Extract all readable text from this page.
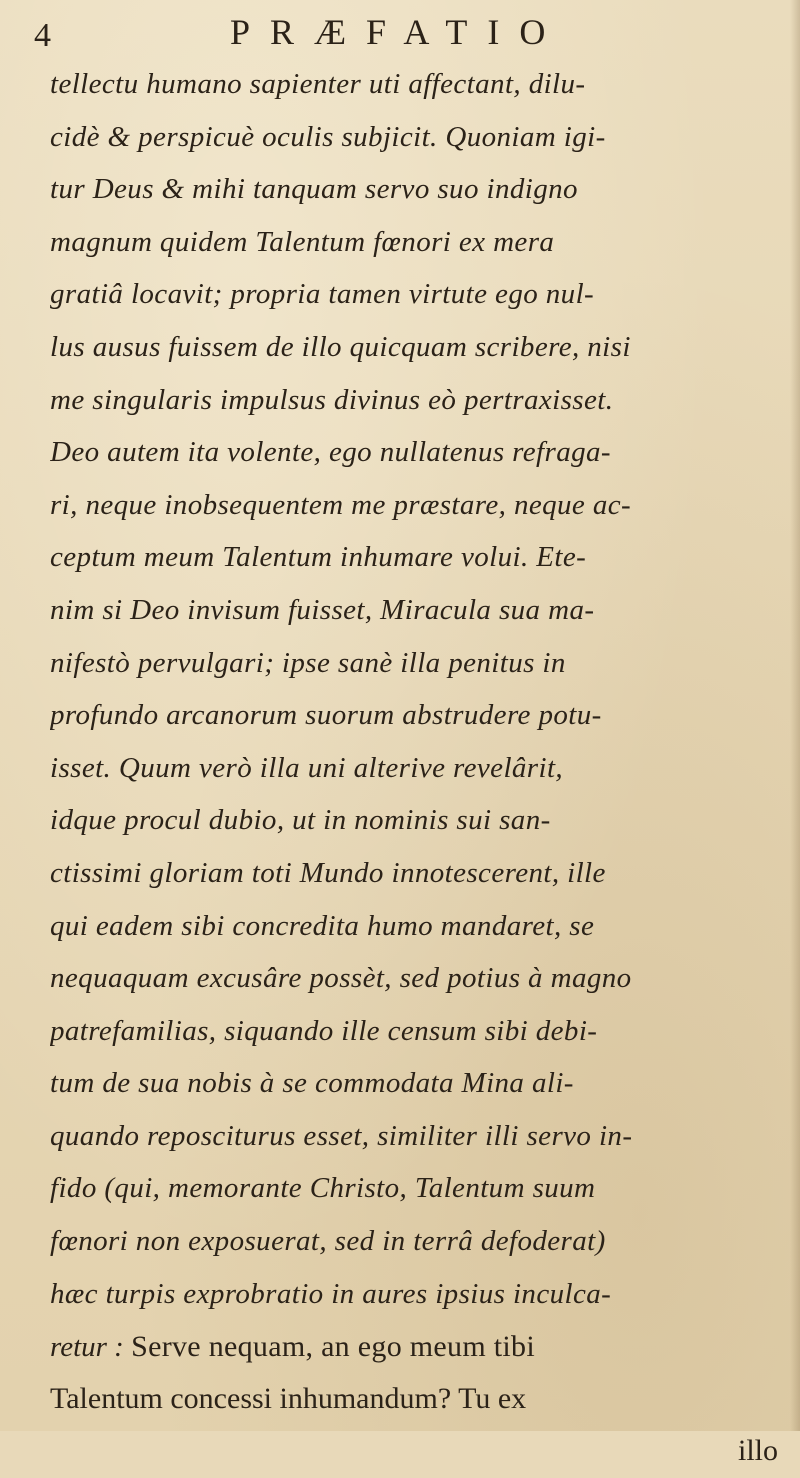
4	PRÆFATIO
tellectu humano sapienter uti affectant, dilu-
cidè & perspicuè oculis subjicit. Quoniam igi-
tur Deus & mihi tanquam servo suo indigno
magnum quidem Talentum fœnori ex mera
gratiâ locavit; propria tamen virtute ego nul-
lus ausus fuissem de illo quicquam scribere, nisi
me singularis impulsus divinus eò pertraxisset.
Deo autem ita volente, ego nullatenus refraga-
ri, neque inobsequentem me præstare, neque ac-
ceptum meum Talentum inhumare volui. Ete-
nim si Deo invisum fuisset, Miracula sua ma-
nifestò pervulgari; ipse sanè illa penitus in
profundo arcanorum suorum abstrudere potu-
isset. Quum verò illa uni alterive revelârit,
idque procul dubio, ut in nominis sui san-
ctissimi gloriam toti Mundo innotescerent, ille
qui eadem sibi concredita humo mandaret, se
nequaquam excusâre possèt, sed potius à magno
patrefamilias, siquando ille censum sibi debi-
tum de sua nobis à se commodata Mina ali-
quando reposciturus esset, similiter illi servo in-
fido (qui, memorante Christo, Talentum suum
fœnori non exposuerat, sed in terrâ defoderat)
hæc turpis exprobratio in aures ipsius inculca-
retur : Serve nequam, an ego meum tibi
Talentum concessi inhumandum? Tu ex
illo
